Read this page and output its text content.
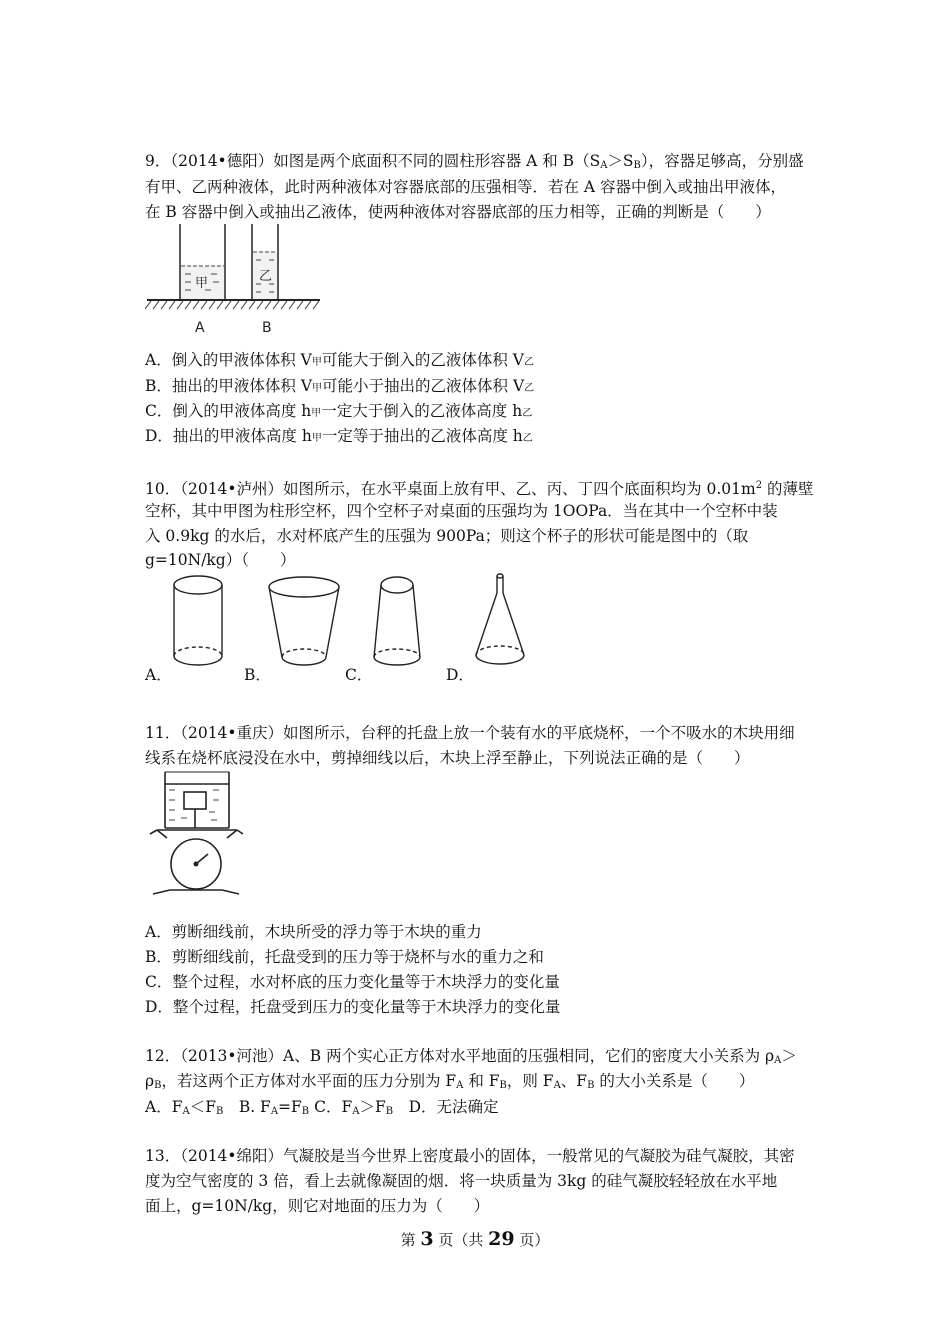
9．（2014•德阳）如图是两个底面积不同的圆柱形容器 A 和 $B(S_A>S_B)$，容器足够高，分别盛
有甲、乙两种液体，此时两种液体对容器底部的压强相等．若在 A 容器中倒入或抽出甲液体，
在 B 容器中倒入或抽出乙液体，使两种液体对容器底部的压力相等，正确的判断是（　　）
甲	乙
A	B
A．倒入的甲液体体积 V甲可能大于倒入的乙液体体积 V乙
B．抽出的甲液体体积 V甲可能小于抽出的乙液体体积 V乙
C．倒入的甲液体高度 h甲一定大于倒入的乙液体高度 h乙
D．抽出的甲液体高度 h甲一定等于抽出的乙液体高度 h乙
10．（2014•泸州）如图所示，在水平桌面上放有甲、乙、丙、丁四个底面积均为 $0.01m^2$ 的薄壁
空杯，其中甲图为柱形空杯，四个空杯子对桌面的压强均为 1OOPa．当在其中一个空杯中装
入 0.9kg 的水后，水对杯底产生的压强为 900Pa；则这个杯子的形状可能是图中的（取
g=10N/kg）（　　）
A．	B．	C．	D．
11．（2014•重庆）如图所示，台秤的托盘上放一个装有水的平底烧杯，一个不吸水的木块用细
线系在烧杯底浸没在水中，剪掉细线以后，木块上浮至静止，下列说法正确的是（　　）
A．剪断细线前，木块所受的浮力等于木块的重力
B．剪断细线前，托盘受到的压力等于烧杯与水的重力之和
C．整个过程，水对杯底的压力变化量等于木块浮力的变化量
D．整个过程，托盘受到压力的变化量等于木块浮力的变化量
12．（2013•河池）A、B 两个实心正方体对水平地面的压强相同，它们的密度大小关系为 $\rho_A>$
$\rho_B$，若这两个正方体对水平面的压力分别为 $F_A$ 和 $F_B$，则 $F_A$、$F_B$ 的大小关系是（　　）
A．$F_A<F_B$　B. $F_A=F_B$ C．$F_A>F_B$　D．无法确定
13．（2014•绵阳）气凝胶是当今世界上密度最小的固体，一般常见的气凝胶为硅气凝胶，其密
度为空气密度的 3 倍，看上去就像凝固的烟．将一块质量为 3kg 的硅气凝胶轻轻放在水平地
面上，g=10N/kg，则它对地面的压力为（　　）
第 3 页（共 29 页）
